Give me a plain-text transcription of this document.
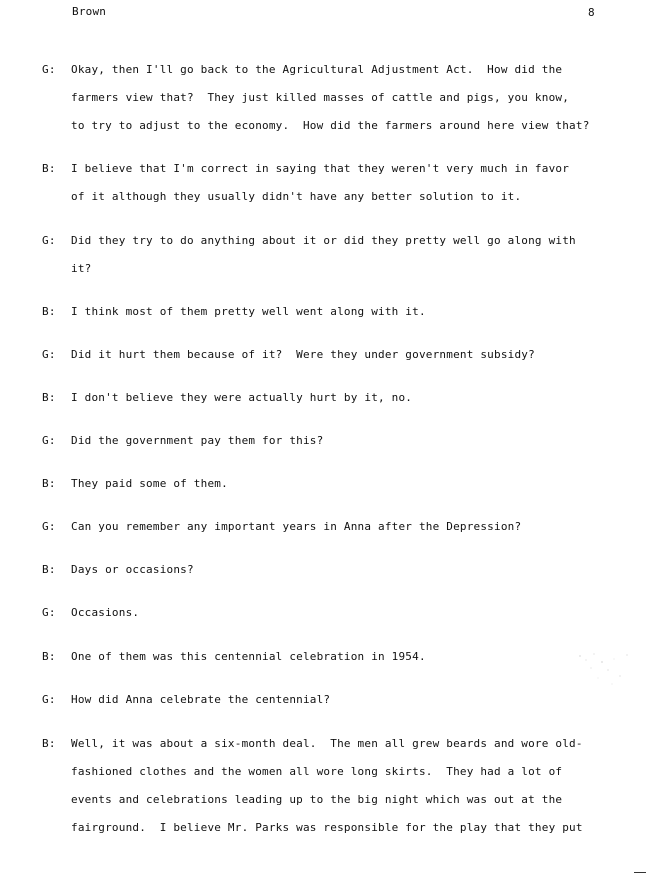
Brown	8
G:	Okay, then I'll go back to the Agricultural Adjustment Act.  How did the
farmers view that?  They just killed masses of cattle and pigs, you know,
to try to adjust to the economy.  How did the farmers around here view that?

B:	I believe that I'm correct in saying that they weren't very much in favor
of it although they usually didn't have any better solution to it.

G:	Did they try to do anything about it or did they pretty well go along with
it?

B:	I think most of them pretty well went along with it.

G:	Did it hurt them because of it?  Were they under government subsidy?

B:	I don't believe they were actually hurt by it, no.

G:	Did the government pay them for this?

B:	They paid some of them.

G:	Can you remember any important years in Anna after the Depression?

B:	Days or occasions?

G:	Occasions.

B:	One of them was this centennial celebration in 1954.

G:	How did Anna celebrate the centennial?

B:	Well, it was about a six-month deal.  The men all grew beards and wore old-
fashioned clothes and the women all wore long skirts.  They had a lot of
events and celebrations leading up to the big night which was out at the
fairground.  I believe Mr. Parks was responsible for the play that they put
